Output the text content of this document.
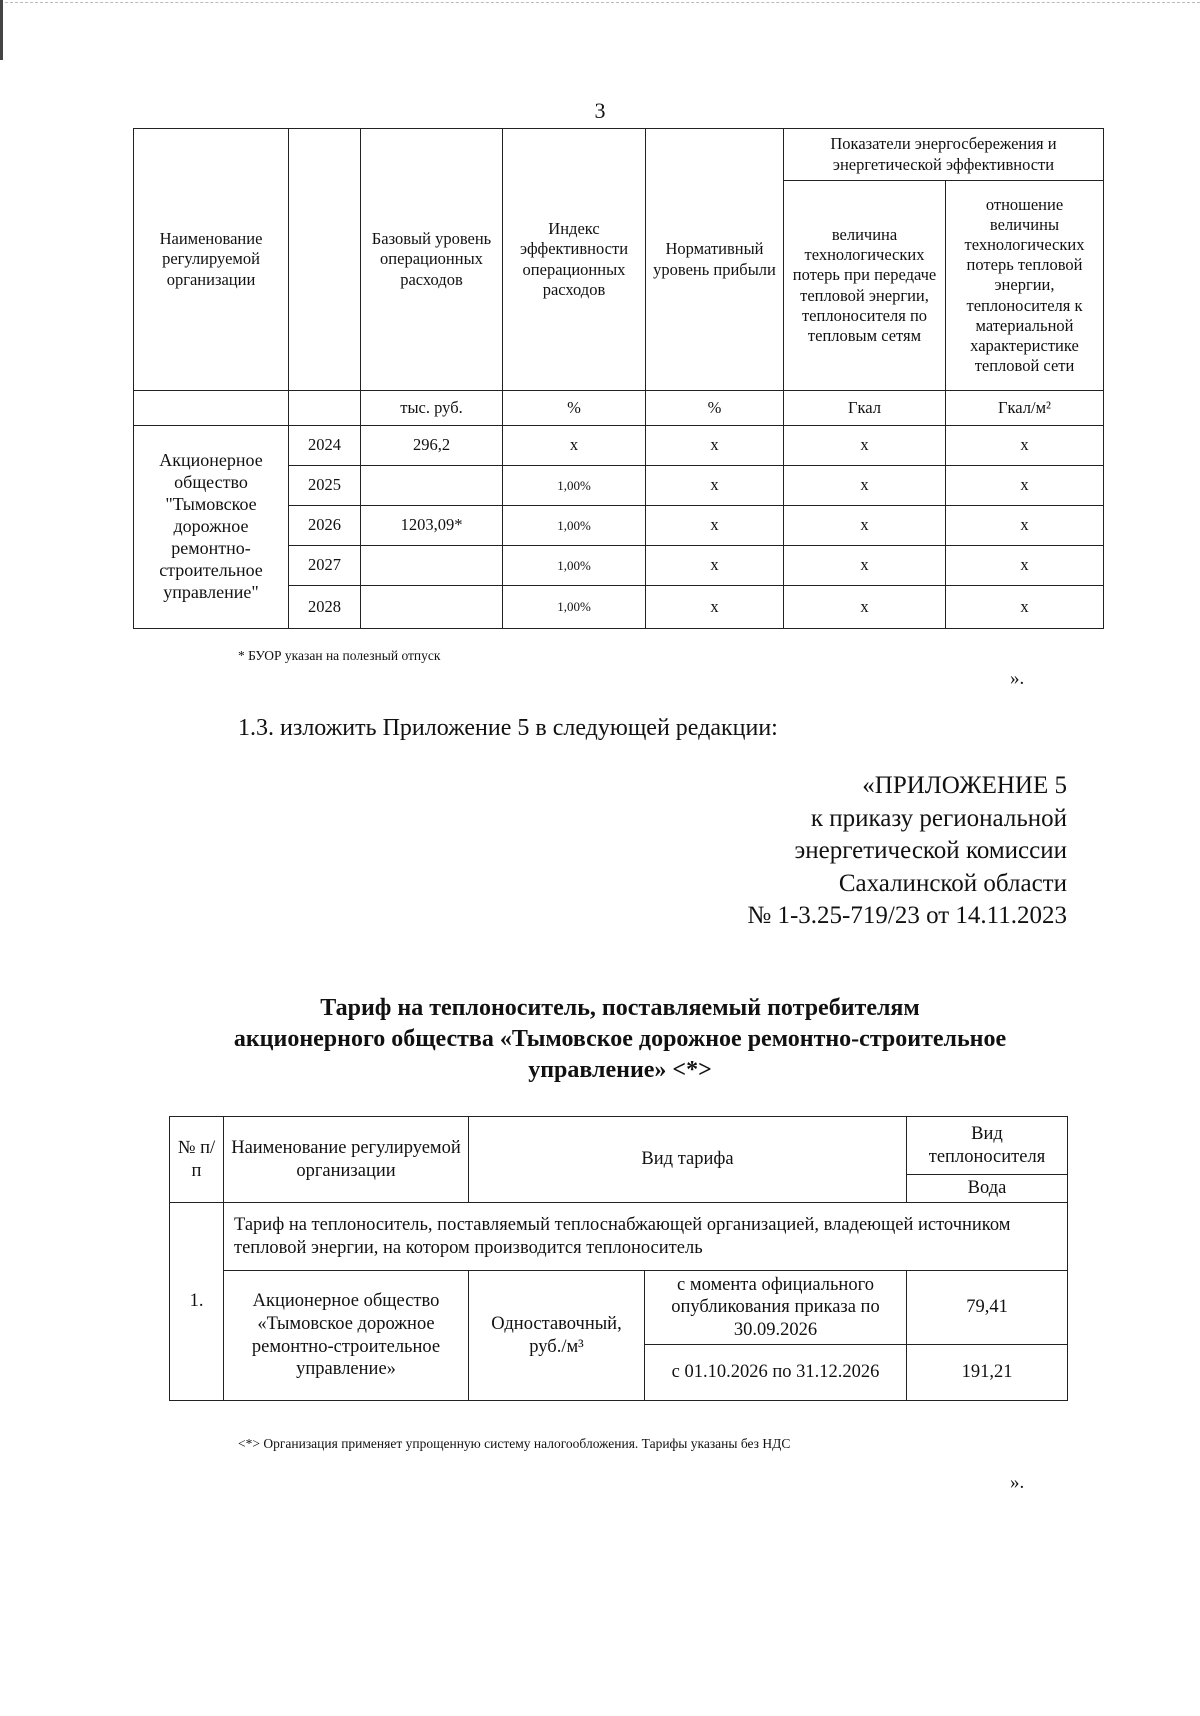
3
Наименование регулируемой организации		Базовый уровень операционных расходов	Индекс эффективности операционных расходов	Нормативный уровень прибыли	Показатели энергосбережения и энергетической эффективности	
					величина технологических потерь при передаче тепловой энергии, теплоносителя по тепловым сетям	отношение величины технологических потерь тепловой энергии, теплоносителя к материальной характеристике тепловой сети

		тыс. руб.	%	%	Гкал	Гкал/м²
Акционерное общество "Тымовское дорожное ремонтно-строительное управление"	2024	296,2	х	х	х	х
	2025		1,00%	х	х	х
	2026	1203,09*	1,00%	х	х	х
	2027		1,00%	х	х	х
	2028		1,00%	х	х	х
* БУОР указан на полезный отпуск
».
1.3. изложить Приложение 5 в следующей редакции:
«ПРИЛОЖЕНИЕ 5
к приказу региональной
энергетической комиссии
Сахалинской области
№ 1-3.25-719/23 от 14.11.2023
Тариф на теплоноситель, поставляемый потребителям
акционерного общества «Тымовское дорожное ремонтно-строительное
управление» <*>
№ п/п	Наименование регулируемой организации	Вид тарифа		Вид теплоносителя
				Вода
1.	Тариф на теплоноситель, поставляемый теплоснабжающей организацией, владеющей источником тепловой энергии, на котором производится теплоноситель			
	Акционерное общество «Тымовское дорожное ремонтно-строительное управление»	Одноставочный, руб./м³	с момента официального опубликования приказа по 30.09.2026	79,41
			с 01.10.2026 по 31.12.2026	191,21
<*> Организация применяет упрощенную систему налогообложения. Тарифы указаны без НДС
».
